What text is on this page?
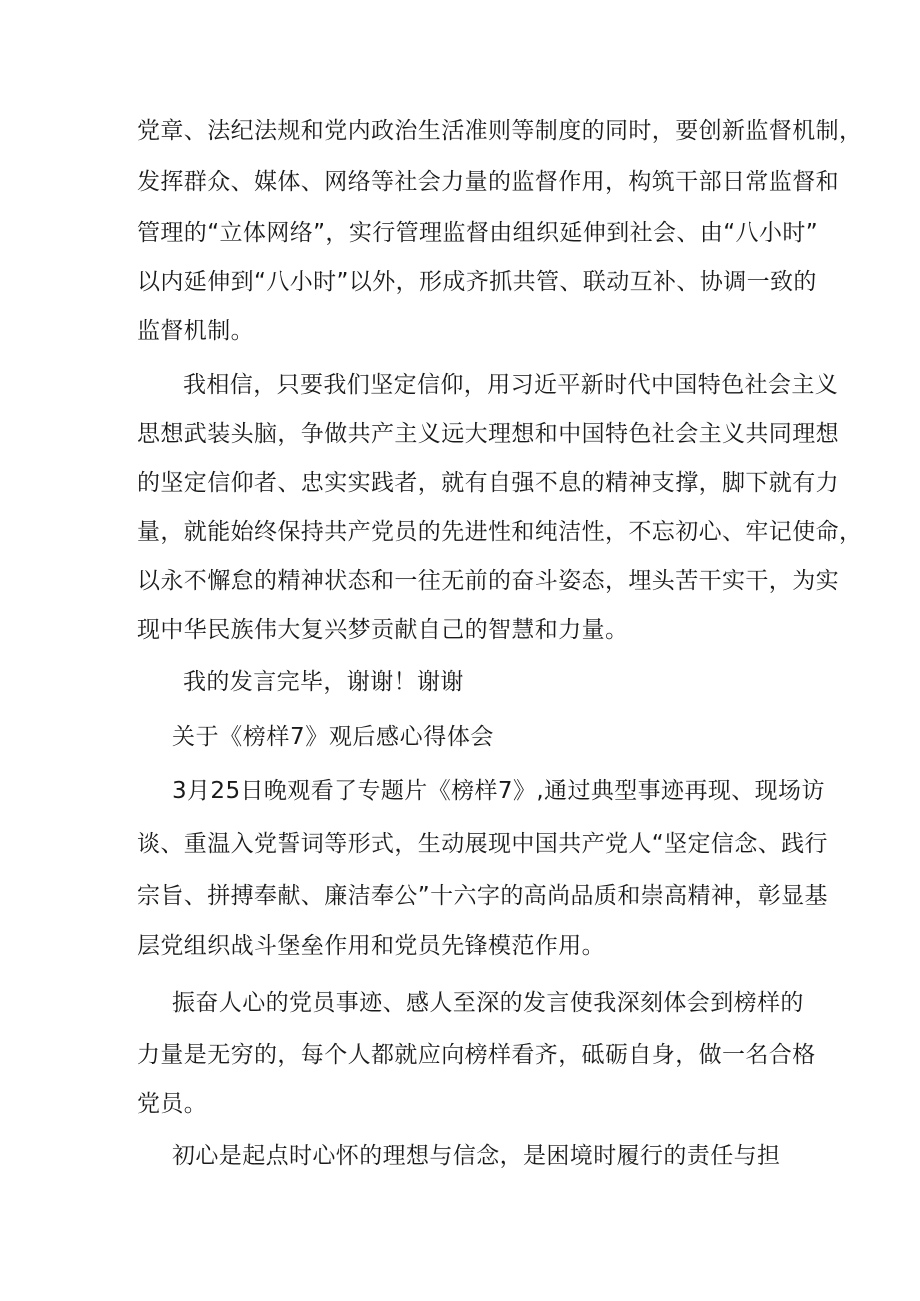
党章、法纪法规和党内政治生活准则等制度的同时，要创新监督机制，
发挥群众、媒体、网络等社会力量的监督作用，构筑干部日常监督和
管理的“立体网络”，实行管理监督由组织延伸到社会、由“八小时”
以内延伸到“八小时”以外，形成齐抓共管、联动互补、协调一致的
监督机制。
我相信，只要我们坚定信仰，用习近平新时代中国特色社会主义
思想武装头脑，争做共产主义远大理想和中国特色社会主义共同理想
的坚定信仰者、忠实实践者，就有自强不息的精神支撑，脚下就有力
量，就能始终保持共产党员的先进性和纯洁性，不忘初心、牢记使命，
以永不懈怠的精神状态和一往无前的奋斗姿态，埋头苦干实干，为实
现中华民族伟大复兴梦贡献自己的智慧和力量。
我的发言完毕，谢谢！谢谢
关于《榜样7》观后感心得体会
3月25日晚观看了专题片《榜样7》,通过典型事迹再现、现场访
谈、重温入党誓词等形式，生动展现中国共产党人“坚定信念、践行
宗旨、拼搏奉献、廉洁奉公”十六字的高尚品质和崇高精神，彰显基
层党组织战斗堡垒作用和党员先锋模范作用。
振奋人心的党员事迹、感人至深的发言使我深刻体会到榜样的
力量是无穷的，每个人都就应向榜样看齐，砥砺自身，做一名合格
党员。
初心是起点时心怀的理想与信念，是困境时履行的责任与担
